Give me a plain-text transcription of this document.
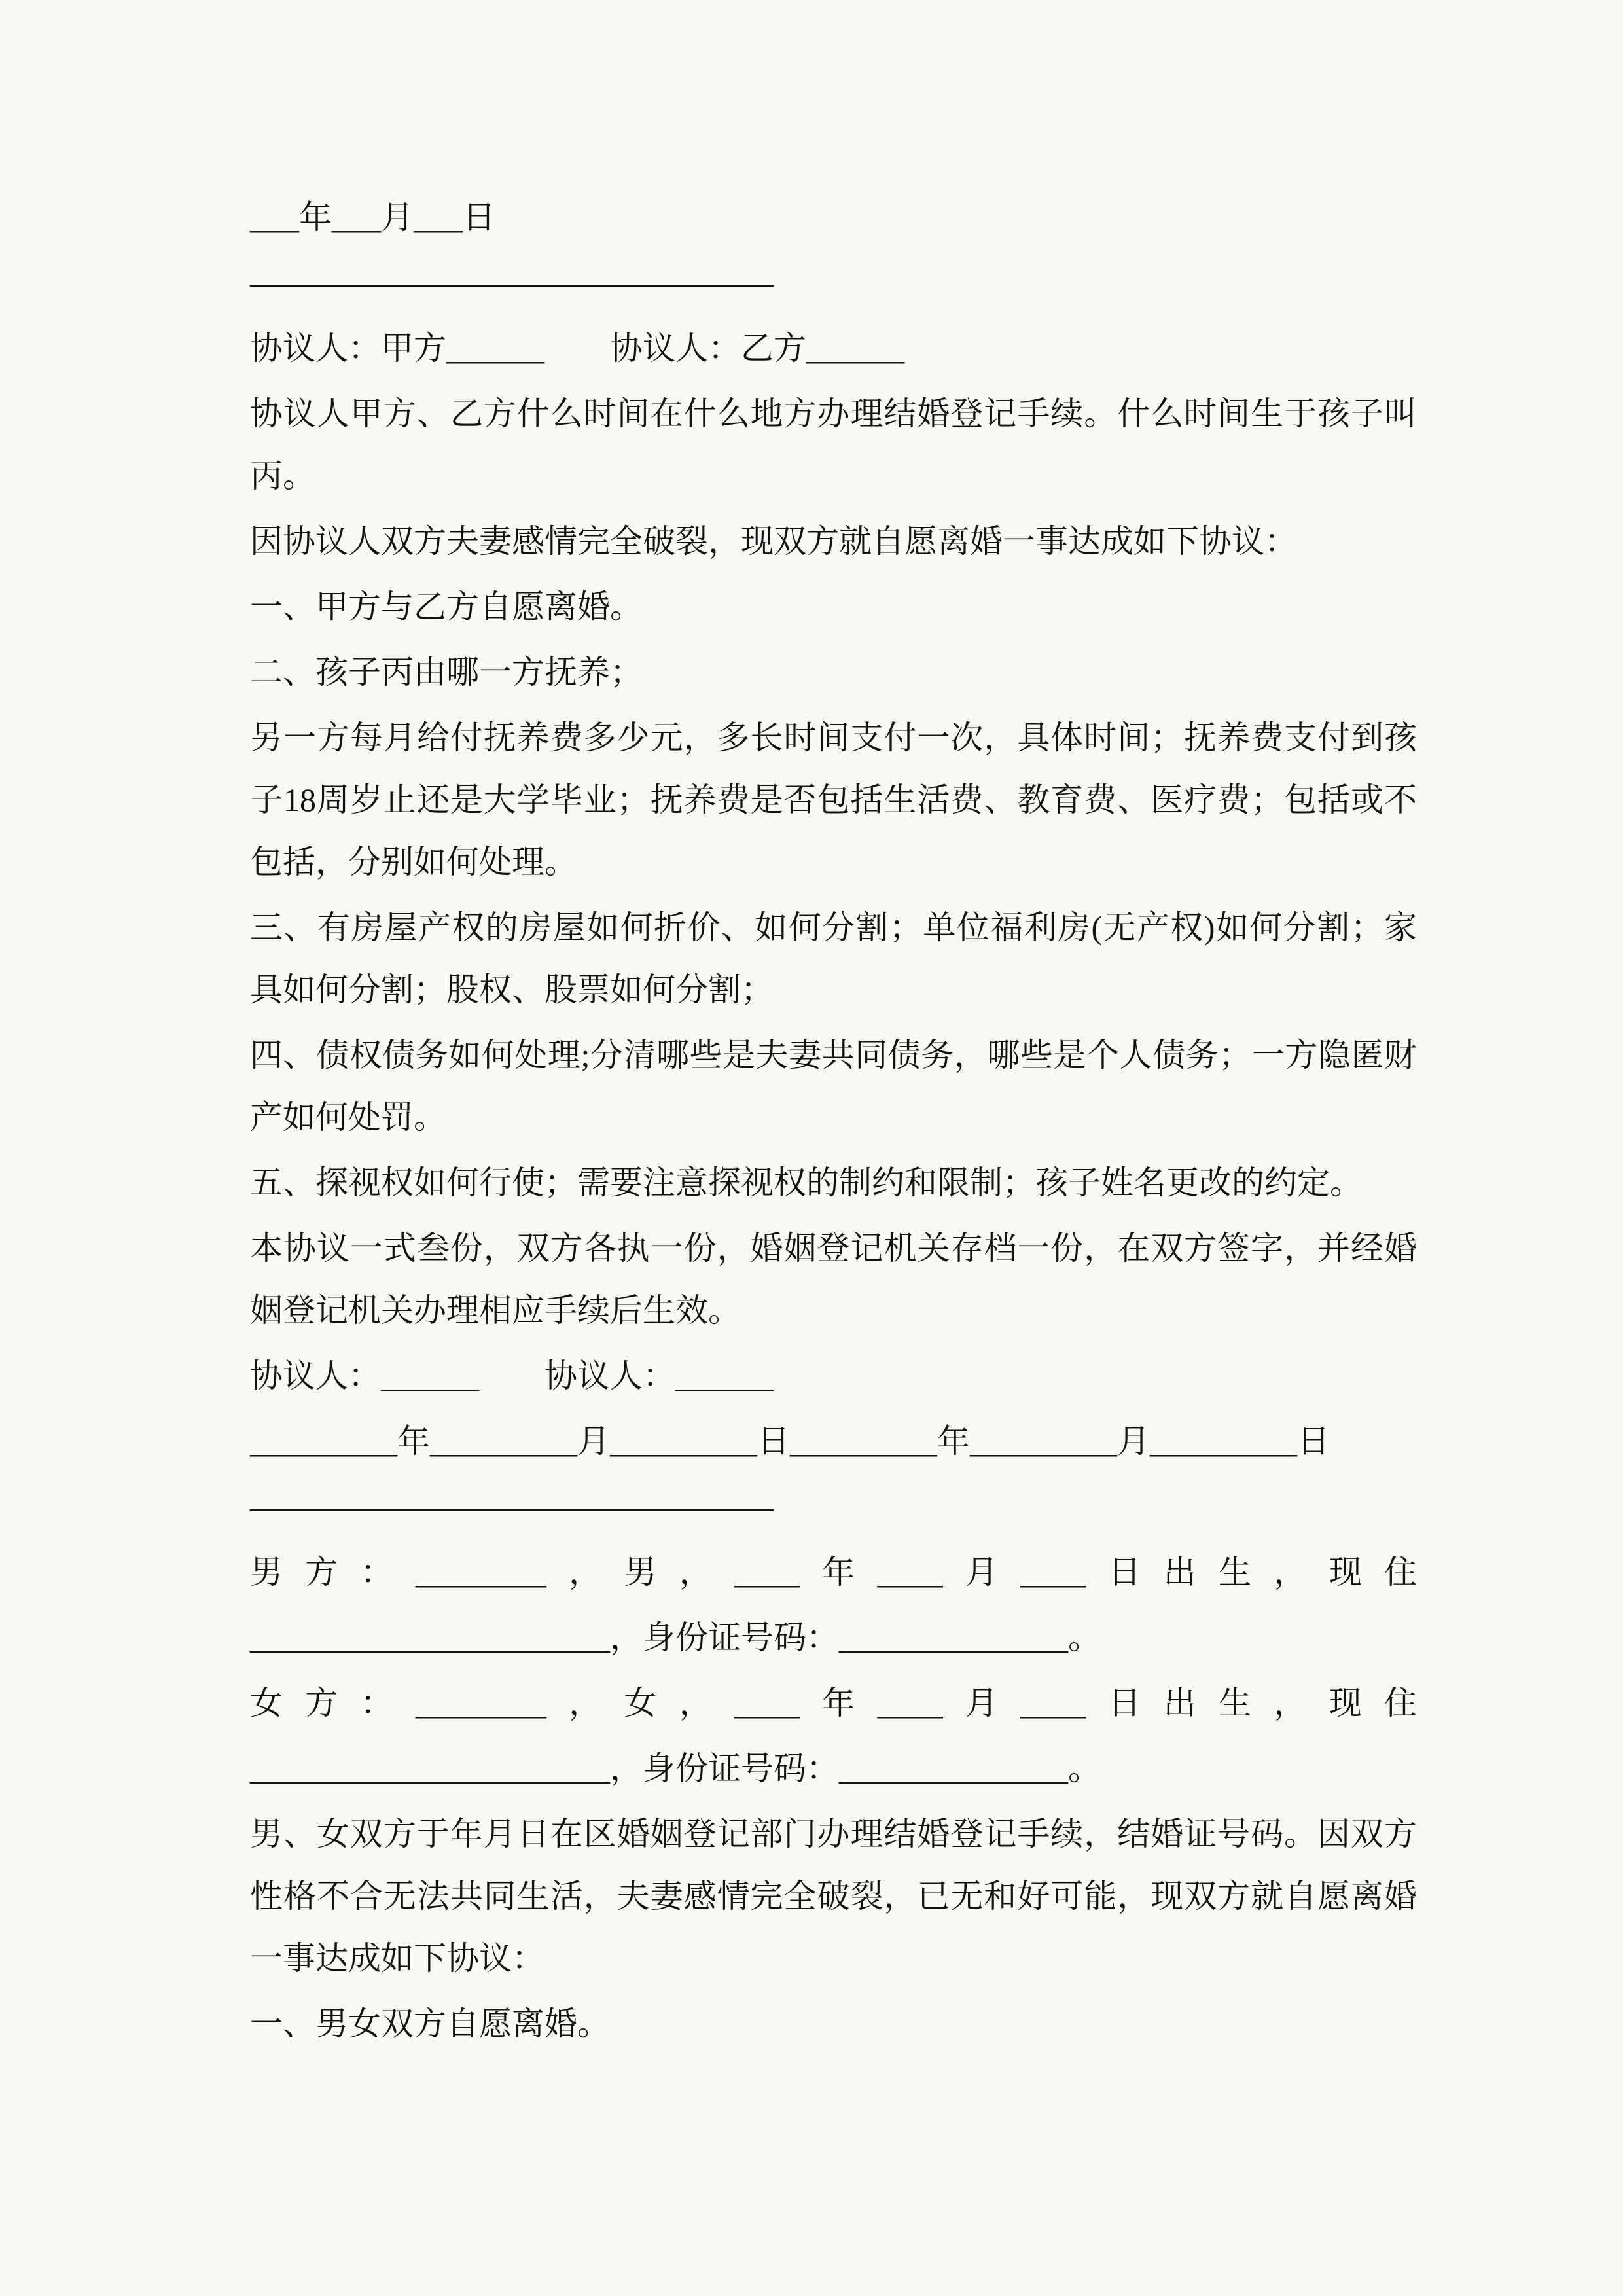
___年___月___日

————————————————

协议人：甲方______　　协议人：乙方______

协议人甲方、乙方什么时间在什么地方办理结婚登记手续。什么时间生于孩子叫丙。

因协议人双方夫妻感情完全破裂，现双方就自愿离婚一事达成如下协议：

一、甲方与乙方自愿离婚。

二、孩子丙由哪一方抚养；

另一方每月给付抚养费多少元，多长时间支付一次，具体时间；抚养费支付到孩子18周岁止还是大学毕业；抚养费是否包括生活费、教育费、医疗费；包括或不包括，分别如何处理。

三、有房屋产权的房屋如何折价、如何分割；单位福利房(无产权)如何分割；家具如何分割；股权、股票如何分割；

四、债权债务如何处理;分清哪些是夫妻共同债务，哪些是个人债务；一方隐匿财产如何处罚。

五、探视权如何行使；需要注意探视权的制约和限制；孩子姓名更改的约定。

本协议一式叁份，双方各执一份，婚姻登记机关存档一份，在双方签字，并经婚姻登记机关办理相应手续后生效。

协议人：______　　协议人：______

_________年_________月_________日_________年_________月_________日

————————————————

男方：________，男，____年____月____日出生，现住

______________________，身份证号码：______________。

女方：________，女，____年____月____日出生，现住

______________________，身份证号码：______________。

男、女双方于年月日在区婚姻登记部门办理结婚登记手续，结婚证号码。因双方性格不合无法共同生活，夫妻感情完全破裂，已无和好可能，现双方就自愿离婚一事达成如下协议：

一、男女双方自愿离婚。
